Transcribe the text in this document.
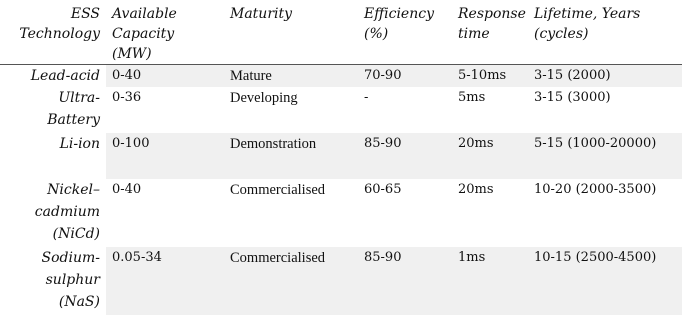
ESS Technology	Available Capacity (MW)	Maturity	Efficiency (%)	Response time	Lifetime, Years (cycles)
Lead-acid	0-40	Mature	70-90	5-10ms	3-15 (2000)
Ultra-Battery	0-36	Developing	-	5ms	3-15 (3000)
Li-ion	0-100	Demonstration	85-90	20ms	5-15 (1000-20000)
Nickel–cadmium (NiCd)	0-40	Commercialised	60-65	20ms	10-20 (2000-3500)
Sodium-sulphur (NaS)	0.05-34	Commercialised	85-90	1ms	10-15 (2500-4500)
